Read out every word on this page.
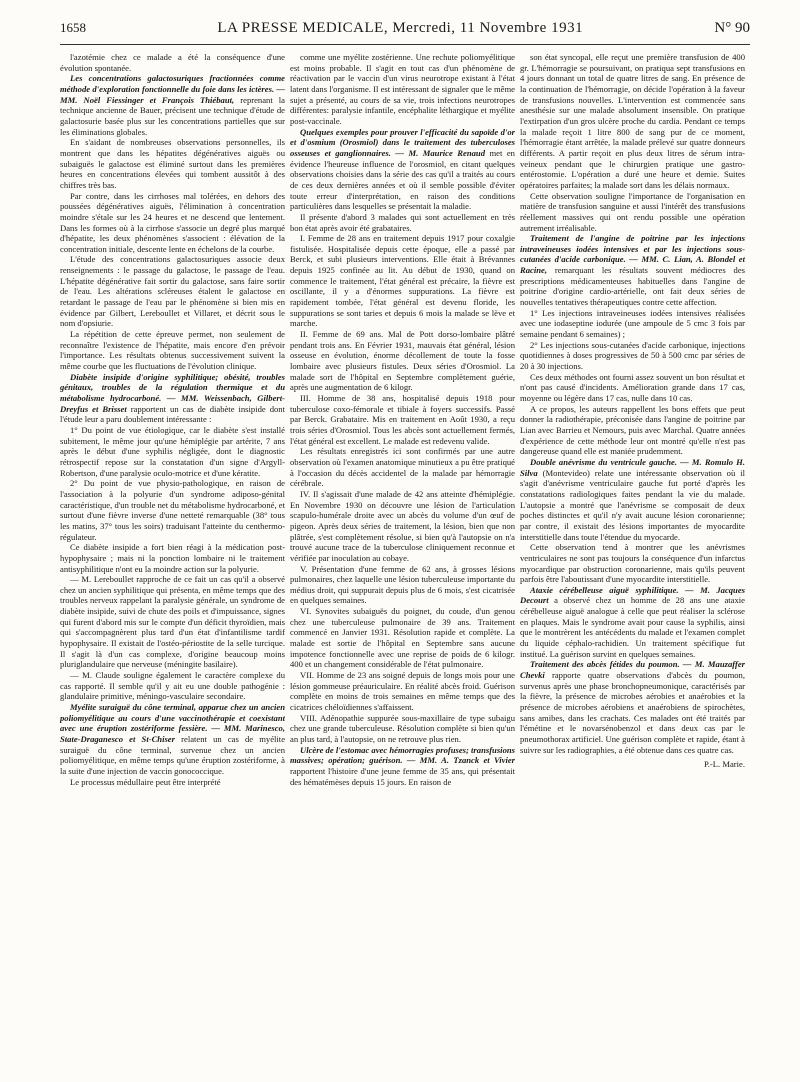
1658	LA PRESSE MEDICALE, Mercredi, 11 Novembre 1931	N° 90

l'azotémie chez ce malade a été la conséquence d'une évolution spontanée.

Les concentrations galactosuriques fractionnées comme méthode d'exploration fonctionnelle du foie dans les ictères. — MM. Noël Fiessinger et François Thiébaut, reprenant la technique ancienne de Bauer, précisent une technique d'étude de galactosurie basée plus sur les concentrations partielles que sur les éliminations globales.

En s'aidant de nombreuses observations personnelles, ils montrent que dans les hépatites dégénératives aiguës ou subaiguës le galactose est éliminé surtout dans les premières heures en concentrations élevées qui tombent aussitôt à des chiffres très bas.

Par contre, dans les cirrhoses mal tolérées, en dehors des poussées dégénératives aiguës, l'élimination à concentration moindre s'étale sur les 24 heures et ne descend que lentement. Dans les formes où à la cirrhose s'associe un degré plus marqué d'hépatite, les deux phénomènes s'associent : élévation de la concentration initiale, descente lente en échelons de la courbe.

L'étude des concentrations galactosuriques associe deux renseignements : le passage du galactose, le passage de l'eau. L'hépatite dégénérative fait sortir du galactose, sans faire sortir de l'eau. Les altérations scléreuses étalent le galactose en retardant le passage de l'eau par le phénomène si bien mis en évidence par Gilbert, Lereboullet et Villaret, et décrit sous le nom d'opsiurie.

La répétition de cette épreuve permet, non seulement de reconnaître l'existence de l'hépatite, mais encore d'en prévoir l'importance. Les résultats obtenus successivement suivent la même courbe que les fluctuations de l'évolution clinique.

Diabète insipide d'origine syphilitique; obésité, troubles génitaux, troubles de la régulation thermique et du métabolisme hydrocarboné. — MM. Weissenbach, Gilbert-Dreyfus et Brisset rapportent un cas de diabète insipide dont l'étude leur a paru doublement intéressante :

1° Du point de vue étiologique, car le diabète s'est installé subitement, le même jour qu'une hémiplégie par artérite, 7 ans après le début d'une syphilis négligée, dont le diagnostic rétrospectif repose sur la constatation d'un signe d'Argyll-Robertson, d'une paralysie oculo-motrice et d'une kératite.

2° Du point de vue physio-pathologique, en raison de l'association à la polyurie d'un syndrome adiposo-génital caractéristique, d'un trouble net du métabolisme hydrocarboné, et surtout d'une fièvre inverse d'une netteté remarquable (38° tous les matins, 37° tous les soirs) traduisant l'atteinte du centhermo-régulateur.

Ce diabète insipide a fort bien réagi à la médication post-hypophysaire ; mais ni la ponction lombaire ni le traitement antisyphilitique n'ont eu la moindre action sur la polyurie.

— M. Lereboullet rapproche de ce fait un cas qu'il a observé chez un ancien syphilitique qui présenta, en même temps que des troubles nerveux rappelant la paralysie générale, un syndrome de diabète insipide, suivi de chute des poils et d'impuissance, signes qui furent d'abord mis sur le compte d'un déficit thyroïdien, mais qui s'accompagnèrent plus tard d'un état d'infantilisme tardif hypophysaire. Il existait de l'ostéo-périostite de la selle turcique. Il s'agit là d'un cas complexe, d'origine beaucoup moins pluriglandulaire que nerveuse (méningite basilaire).

— M. Claude souligne également le caractère complexe du cas rapporté. Il semble qu'il y ait eu une double pathogénie : glandulaire primitive, méningo-vasculaire secondaire.

Myélite suraiguë du cône terminal, apparue chez un ancien poliomyélitique au cours d'une vaccinothérapie et coexistant avec une éruption zostériforme fessière. — MM. Marinesco, State-Draganesco et St-Chiser relatent un cas de myélite suraiguë du cône terminal, survenue chez un ancien poliomyélitique, en même temps qu'une éruption zostériforme, à la suite d'une injection de vaccin gonococcique.

Le processus médullaire peut être interprété

comme une myélite zostérienne. Une rechute poliomyélitique est moins probable. Il s'agit en tout cas d'un phénomène de réactivation par le vaccin d'un virus neurotrope existant à l'état latent dans l'organisme. Il est intéressant de signaler que le même sujet a présenté, au cours de sa vie, trois infections neurotropes différentes: paralysie infantile, encéphalite léthargique et myélite post-vaccinale.

Quelques exemples pour prouver l'efficacité du sapoïde d'or et d'osmium (Orosmiol) dans le traitement des tuberculoses osseuses et ganglionnaires. — M. Maurice Renaud met en évidence l'heureuse influence de l'orosmiol, en citant quelques observations choisies dans la série des cas qu'il a traités au cours de ces deux dernières années et où il semble possible d'éviter toute erreur d'interprétation, en raison des conditions particulières dans lesquelles se présentait la maladie.

Il présente d'abord 3 malades qui sont actuellement en très bon état après avoir été grabataires.

I. Femme de 28 ans en traitement depuis 1917 pour coxalgie fistulisée. Hospitalisée depuis cette époque, elle a passé par Berck, et subi plusieurs interventions. Elle était à Brévannes depuis 1925 confinée au lit. Au début de 1930, quand on commence le traitement, l'état général est précaire, la fièvre est oscillante, il y a d'énormes suppurations. La fièvre est rapidement tombée, l'état général est devenu floride, les suppurations se sont taries et depuis 6 mois la malade se lève et marche.

II. Femme de 69 ans. Mal de Pott dorso-lombaire plâtré pendant trois ans. En Février 1931, mauvais état général, lésion osseuse en évolution, énorme décollement de toute la fosse lombaire avec plusieurs fistules. Deux séries d'Orosmiol. La malade sort de l'hôpital en Septembre complètement guérie, après une augmentation de 6 kilogr.

III. Homme de 38 ans, hospitalisé depuis 1918 pour tuberculose coxo-fémorale et tibiale à foyers successifs. Passé par Berck. Grabataire. Mis en traitement en Août 1930, a reçu trois séries d'Orosmiol. Tous les abcès sont actuellement fermés, l'état général est excellent. Le malade est redevenu valide.

Les résultats enregistrés ici sont confirmés par une autre observation où l'examen anatomique minutieux a pu être pratiqué à l'occasion du décès accidentel de la malade par hémorragie cérébrale.

IV. Il s'agissait d'une malade de 42 ans atteinte d'hémiplégie. En Novembre 1930 on découvre une lésion de l'articulation scapulo-humérale droite avec un abcès du volume d'un œuf de pigeon. Après deux séries de traitement, la lésion, bien que non plâtrée, s'est complètement résolue, si bien qu'à l'autopsie on n'a trouvé aucune trace de la tuberculose cliniquement reconnue et vérifiée par inoculation au cobaye.

V. Présentation d'une femme de 62 ans, à grosses lésions pulmonaires, chez laquelle une lésion tuberculeuse importante du médius droit, qui suppurait depuis plus de 6 mois, s'est cicatrisée en quelques semaines.

VI. Synovites subaiguës du poignet, du coude, d'un genou chez une tuberculeuse pulmonaire de 39 ans. Traitement commencé en Janvier 1931. Résolution rapide et complète. La malade est sortie de l'hôpital en Septembre sans aucune impotence fonctionnelle avec une reprise de poids de 6 kilogr. 400 et un changement considérable de l'état pulmonaire.

VII. Homme de 23 ans soigné depuis de longs mois pour une lésion gommeuse préauriculaire. En réalité abcès froid. Guérison complète en moins de trois semaines en même temps que des cicatrices chéloïdiennes s'affaissent.

VIII. Adénopathie suppurée sous-maxillaire de type subaigu chez une grande tuberculeuse. Résolution complète si bien qu'un an plus tard, à l'autopsie, on ne retrouve plus rien.

Ulcère de l'estomac avec hémorragies profuses; transfusions massives; opération; guérison. — MM. A. Tzanck et Vivier rapportent l'histoire d'une jeune femme de 35 ans, qui présentait des hématémèses depuis 15 jours. En raison de

son état syncopal, elle reçut une première transfusion de 400 gr. L'hémorragie se poursuivant, on pratiqua sept transfusions en 4 jours donnant un total de quatre litres de sang. En présence de la continuation de l'hémorragie, on décide l'opération à la faveur de transfusions nouvelles. L'intervention est commencée sans anesthésie sur une malade absolument insensible. On pratique l'extirpation d'un gros ulcère proche du cardia. Pendant ce temps la malade reçoit 1 litre 800 de sang pur de ce moment, l'hémorragie étant arrêtée, la malade prélevé sur quatre donneurs différents. A partir reçoit en plus deux litres de sérum intra-veineux pendant que le chirurgien pratique une gastro-entérostomie. L'opération a duré une heure et demie. Suites opératoires parfaites; la malade sort dans les délais normaux.

Cette observation souligne l'importance de l'organisation en matière de transfusion sanguine et aussi l'intérêt des transfusions réellement massives qui ont rendu possible une opération autrement irréalisable.

Traitement de l'angine de poitrine par les injections intraveineuses iodées intensives et par les injections sous-cutanées d'acide carbonique. — MM. C. Lian, A. Blondel et Racine, remarquant les résultats souvent médiocres des prescriptions médicamenteuses habituelles dans l'angine de poitrine d'origine cardio-artérielle, ont fait deux séries de nouvelles tentatives thérapeutiques contre cette affection.

1° Les injections intraveineuses iodées intensives réalisées avec une iodaseptine iodurée (une ampoule de 5 cmc 3 fois par semaine pendant 6 semaines) ;

2° Les injections sous-cutanées d'acide carbonique, injections quotidiennes à doses progressives de 50 à 500 cmc par séries de 20 à 30 injections.

Ces deux méthodes ont fourni assez souvent un bon résultat et n'ont pas causé d'incidents. Amélioration grande dans 17 cas, moyenne ou légère dans 17 cas, nulle dans 10 cas.

A ce propos, les auteurs rappellent les bons effets que peut donner la radiothérapie, préconisée dans l'angine de poitrine par Lian avec Barrieu et Nemours, puis avec Marchal. Quatre années d'expérience de cette méthode leur ont montré qu'elle n'est pas dangereuse quand elle est maniée prudemment.

Double anévrisme du ventricule gauche. — M. Romulo H. Silva (Montevideo) relate une intéressante observation où il s'agit d'anévrisme ventriculaire gauche fut porté d'après les constatations radiologiques faites pendant la vie du malade. L'autopsie a montré que l'anévrisme se composait de deux poches distinctes et qu'il n'y avait aucune lésion coronarienne; par contre, il existait des lésions importantes de myocardite interstitielle dans toute l'étendue du myocarde.

Cette observation tend à montrer que les anévrismes ventriculaires ne sont pas toujours la conséquence d'un infarctus myocardique par obstruction coronarienne, mais qu'ils peuvent parfois être l'aboutissant d'une myocardite interstitielle.

Ataxie cérébelleuse aiguë syphilitique. — M. Jacques Decourt a observé chez un homme de 28 ans une ataxie cérébelleuse aiguë analogue à celle que peut réaliser la sclérose en plaques. Mais le syndrome avait pour cause la syphilis, ainsi que le montrèrent les antécédents du malade et l'examen complet du liquide céphalo-rachidien. Un traitement spécifique fut institué. La guérison survint en quelques semaines.

Traitement des abcès fétides du poumon. — M. Mauzaffer Chevki rapporte quatre observations d'abcès du poumon, survenus après une phase bronchopneumonique, caractérisés par la fièvre, la présence de microbes aérobies et anaérobies et la présence de microbes aérobiens et anaérobiens de spirochètes, sans amibes, dans les crachats. Ces malades ont été traités par l'émétine et le novarsénobenzol et dans deux cas par le pneumothorax artificiel. Une guérison complète et rapide, étant à suivre sur les radiographies, a été obtenue dans ces quatre cas.

P.-L. Marie.
